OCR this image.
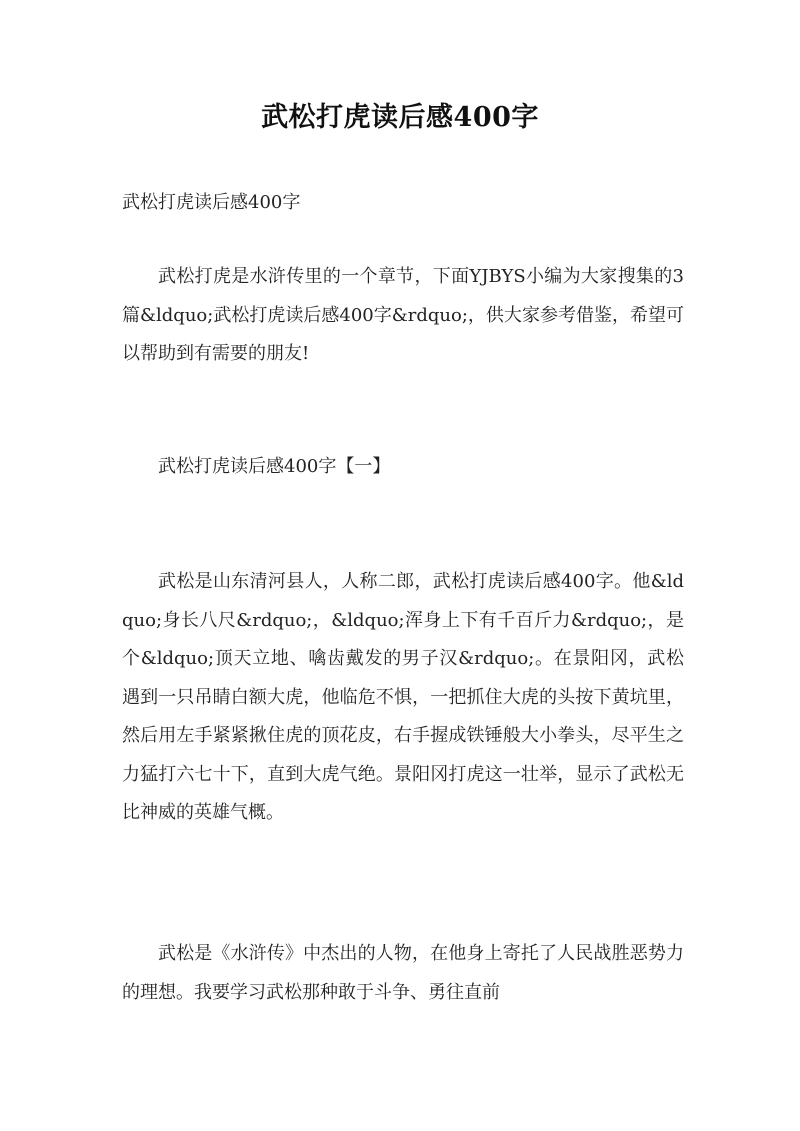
武松打虎读后感400字

武松打虎读后感400字

武松打虎是水浒传里的一个章节，下面YJBYS小编为大家搜集的3篇&ldquo;武松打虎读后感400字&rdquo;，供大家参考借鉴，希望可以帮助到有需要的朋友!

武松打虎读后感400字【一】

武松是山东清河县人，人称二郎，武松打虎读后感400字。他&ldquo;身长八尺&rdquo;，&ldquo;浑身上下有千百斤力&rdquo;，是个&ldquo;顶天立地、噙齿戴发的男子汉&rdquo;。在景阳冈，武松遇到一只吊睛白额大虎，他临危不惧，一把抓住大虎的头按下黄坑里，然后用左手紧紧揪住虎的顶花皮，右手握成铁锤般大小拳头，尽平生之力猛打六七十下，直到大虎气绝。景阳冈打虎这一壮举，显示了武松无比神威的英雄气概。

武松是《水浒传》中杰出的人物，在他身上寄托了人民战胜恶势力的理想。我要学习武松那种敢于斗争、勇往直前
